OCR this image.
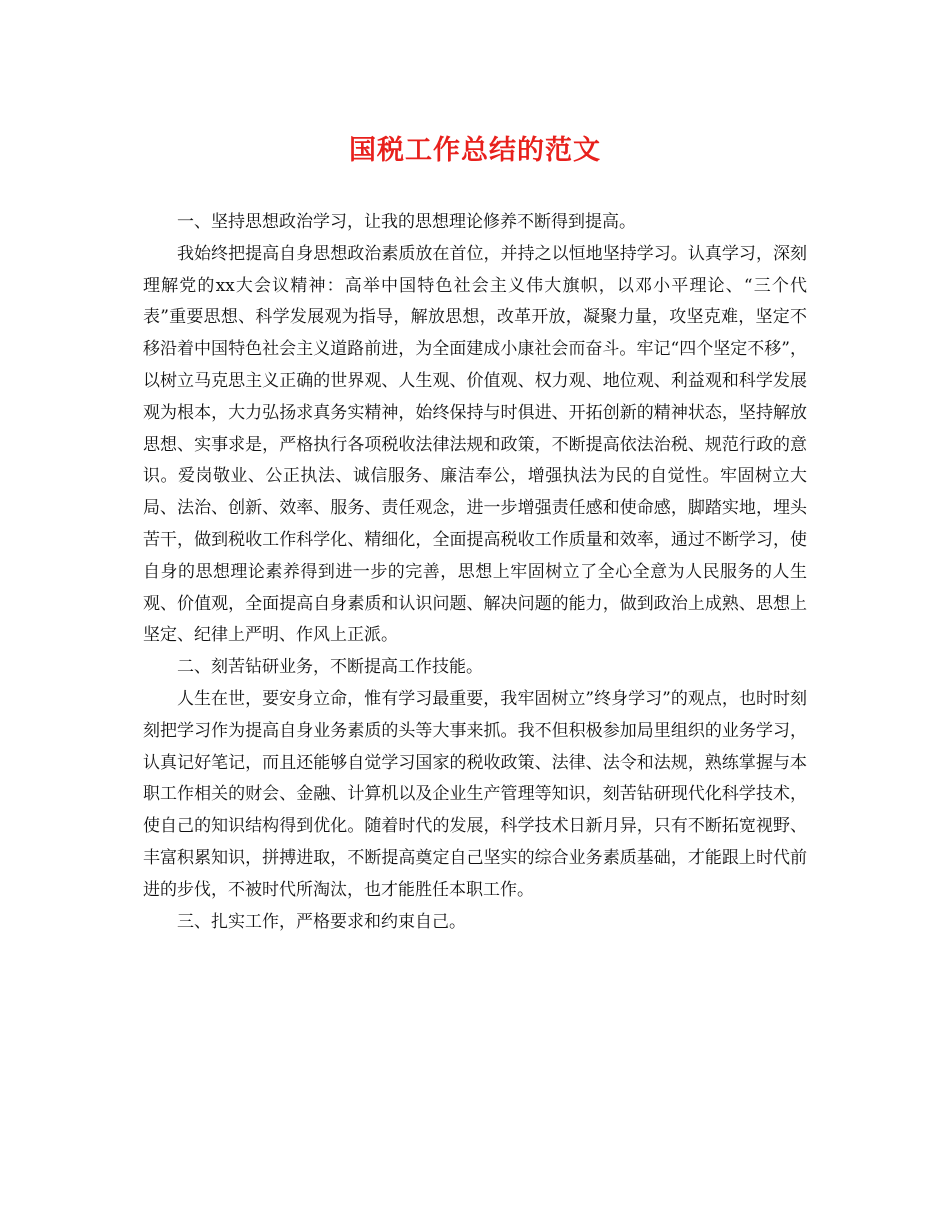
国税工作总结的范文

一、坚持思想政治学习，让我的思想理论修养不断得到提高。

我始终把提高自身思想政治素质放在首位，并持之以恒地坚持学习。认真学习，深刻理解党的xx大会议精神：高举中国特色社会主义伟大旗帜，以邓小平理论、“三个代表”重要思想、科学发展观为指导，解放思想，改革开放，凝聚力量，攻坚克难，坚定不移沿着中国特色社会主义道路前进，为全面建成小康社会而奋斗。牢记“四个坚定不移”，以树立马克思主义正确的世界观、人生观、价值观、权力观、地位观、利益观和科学发展观为根本，大力弘扬求真务实精神，始终保持与时俱进、开拓创新的精神状态，坚持解放思想、实事求是，严格执行各项税收法律法规和政策，不断提高依法治税、规范行政的意识。爱岗敬业、公正执法、诚信服务、廉洁奉公，增强执法为民的自觉性。牢固树立大局、法治、创新、效率、服务、责任观念，进一步增强责任感和使命感，脚踏实地，埋头苦干，做到税收工作科学化、精细化，全面提高税收工作质量和效率，通过不断学习，使自身的思想理论素养得到进一步的完善，思想上牢固树立了全心全意为人民服务的人生观、价值观，全面提高自身素质和认识问题、解决问题的能力，做到政治上成熟、思想上坚定、纪律上严明、作风上正派。

二、刻苦钻研业务，不断提高工作技能。

人生在世，要安身立命，惟有学习最重要，我牢固树立”终身学习”的观点，也时时刻刻把学习作为提高自身业务素质的头等大事来抓。我不但积极参加局里组织的业务学习，认真记好笔记，而且还能够自觉学习国家的税收政策、法律、法令和法规，熟练掌握与本职工作相关的财会、金融、计算机以及企业生产管理等知识，刻苦钻研现代化科学技术，使自己的知识结构得到优化。随着时代的发展，科学技术日新月异，只有不断拓宽视野、丰富积累知识，拼搏进取，不断提高奠定自己坚实的综合业务素质基础，才能跟上时代前进的步伐，不被时代所淘汰，也才能胜任本职工作。

三、扎实工作，严格要求和约束自己。
